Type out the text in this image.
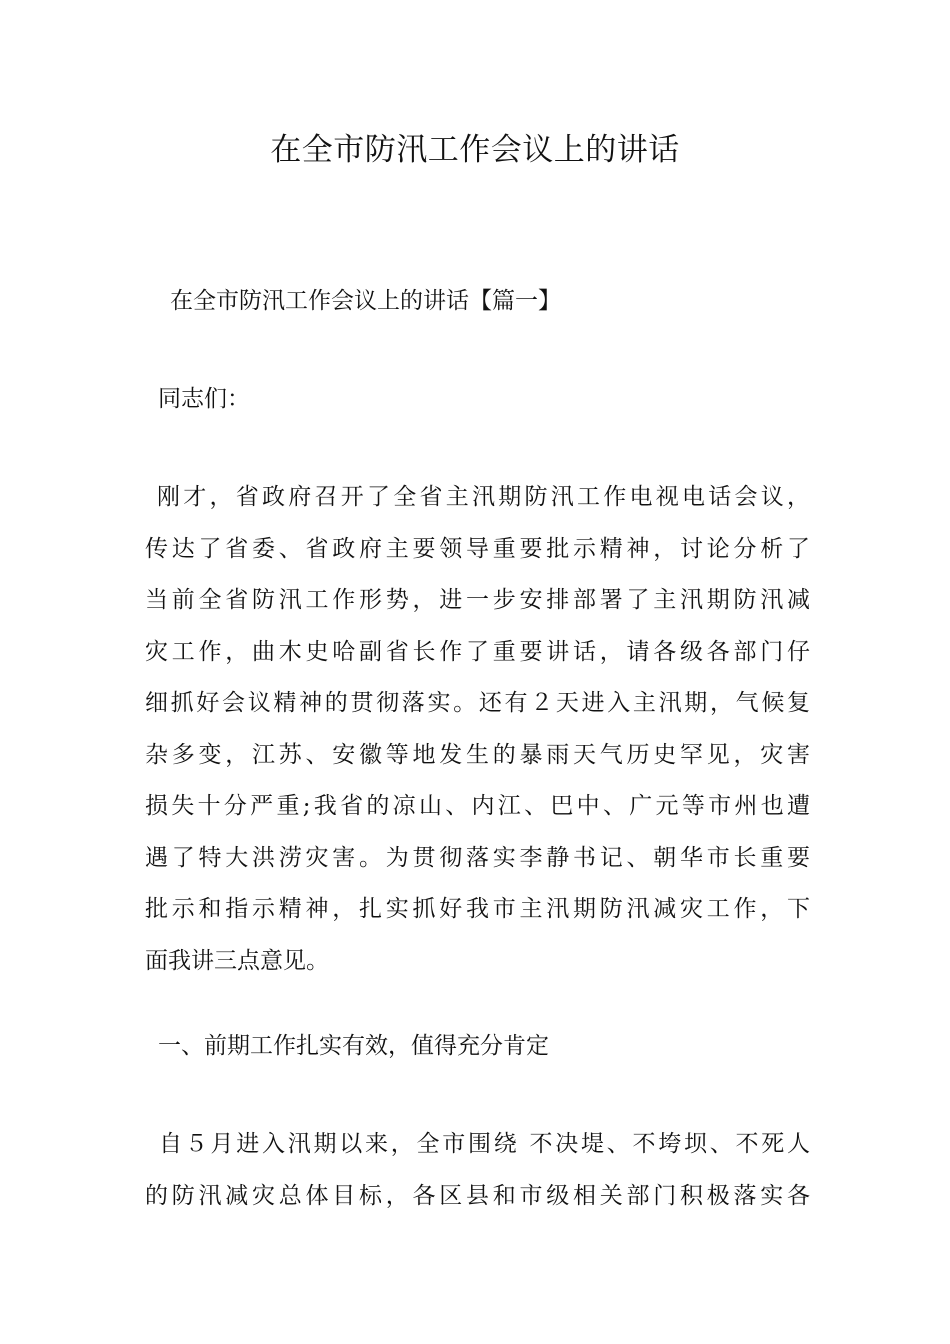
在全市防汛工作会议上的讲话

在全市防汛工作会议上的讲话【篇一】

同志们：

刚才，省政府召开了全省主汛期防汛工作电视电话会议，
传达了省委、省政府主要领导重要批示精神，讨论分析了
当前全省防汛工作形势，进一步安排部署了主汛期防汛减
灾工作，曲木史哈副省长作了重要讲话，请各级各部门仔
细抓好会议精神的贯彻落实。还有２天进入主汛期，气候复
杂多变，江苏、安徽等地发生的暴雨天气历史罕见，灾害
损失十分严重;我省的凉山、内江、巴中、广元等市州也遭
遇了特大洪涝灾害。为贯彻落实李静书记、朝华市长重要
批示和指示精神，扎实抓好我市主汛期防汛减灾工作，下
面我讲三点意见。

一、前期工作扎实有效，值得充分肯定

自５月进入汛期以来，全市围绕 不决堤、不垮坝、不死人
的防汛减灾总体目标，各区县和市级相关部门积极落实各
